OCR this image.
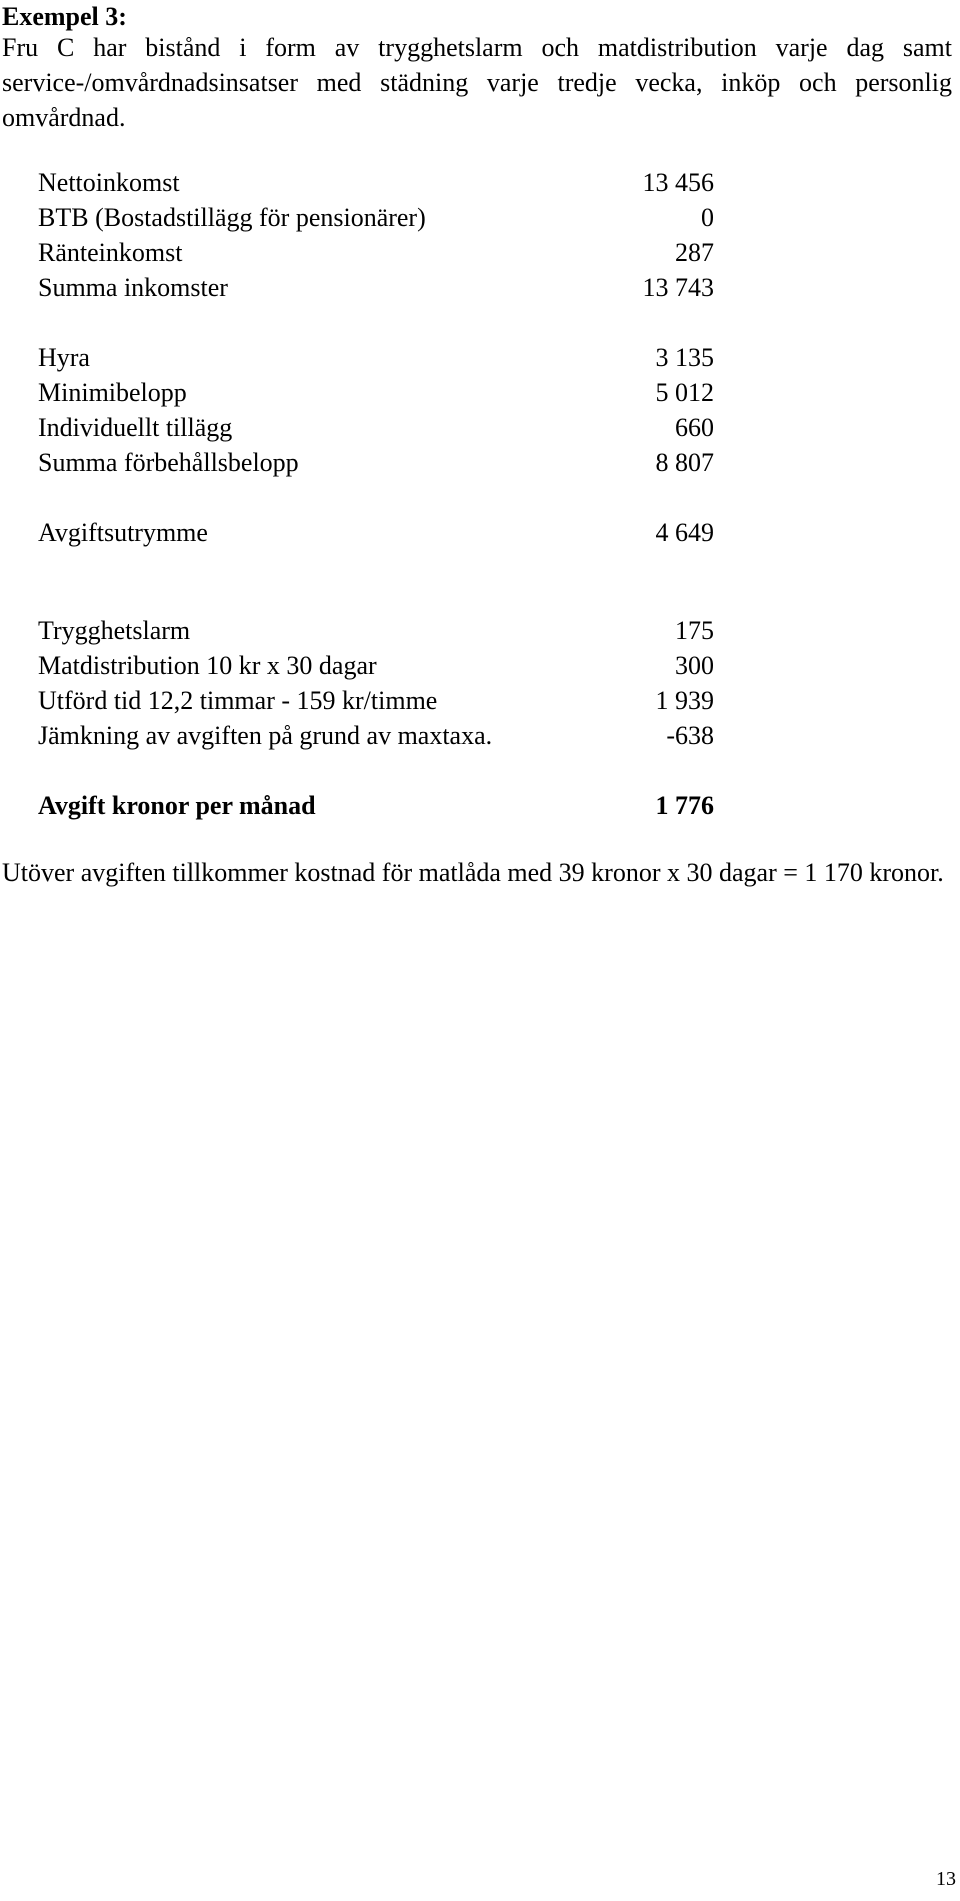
Exempel 3:
Fru C har bistånd i form av trygghetslarm och matdistribution varje dag samt service-/omvårdnadsinsatser med städning varje tredje vecka, inköp och personlig omvårdnad.
Nettoinkomst	13 456
BTB (Bostadstillägg för pensionärer)	0
Ränteinkomst	287
Summa inkomster	13 743
Hyra	3 135
Minimibelopp	5 012
Individuellt tillägg	660
Summa förbehållsbelopp	8 807
Avgiftsutrymme	4 649
Trygghetslarm	175
Matdistribution 10 kr x 30 dagar	300
Utförd tid 12,2 timmar - 159 kr/timme	1 939
Jämkning av avgiften på grund av maxtaxa.	-638
Avgift kronor per månad	1 776
Utöver avgiften tillkommer kostnad för matlåda med 39 kronor x 30 dagar = 1 170 kronor.
13
